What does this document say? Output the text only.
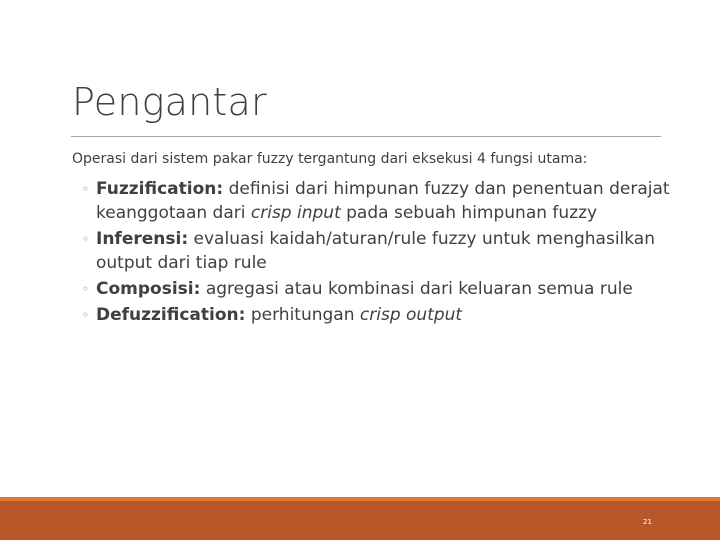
Pengantar
Operasi dari sistem pakar fuzzy tergantung dari eksekusi 4 fungsi utama:
◦ Fuzzification: definisi dari himpunan fuzzy dan penentuan derajat keanggotaan dari crisp input pada sebuah himpunan fuzzy
◦ Inferensi: evaluasi kaidah/aturan/rule fuzzy untuk menghasilkan output dari tiap rule
◦ Composisi: agregasi atau kombinasi dari keluaran semua rule
◦ Defuzzification: perhitungan crisp output
21
